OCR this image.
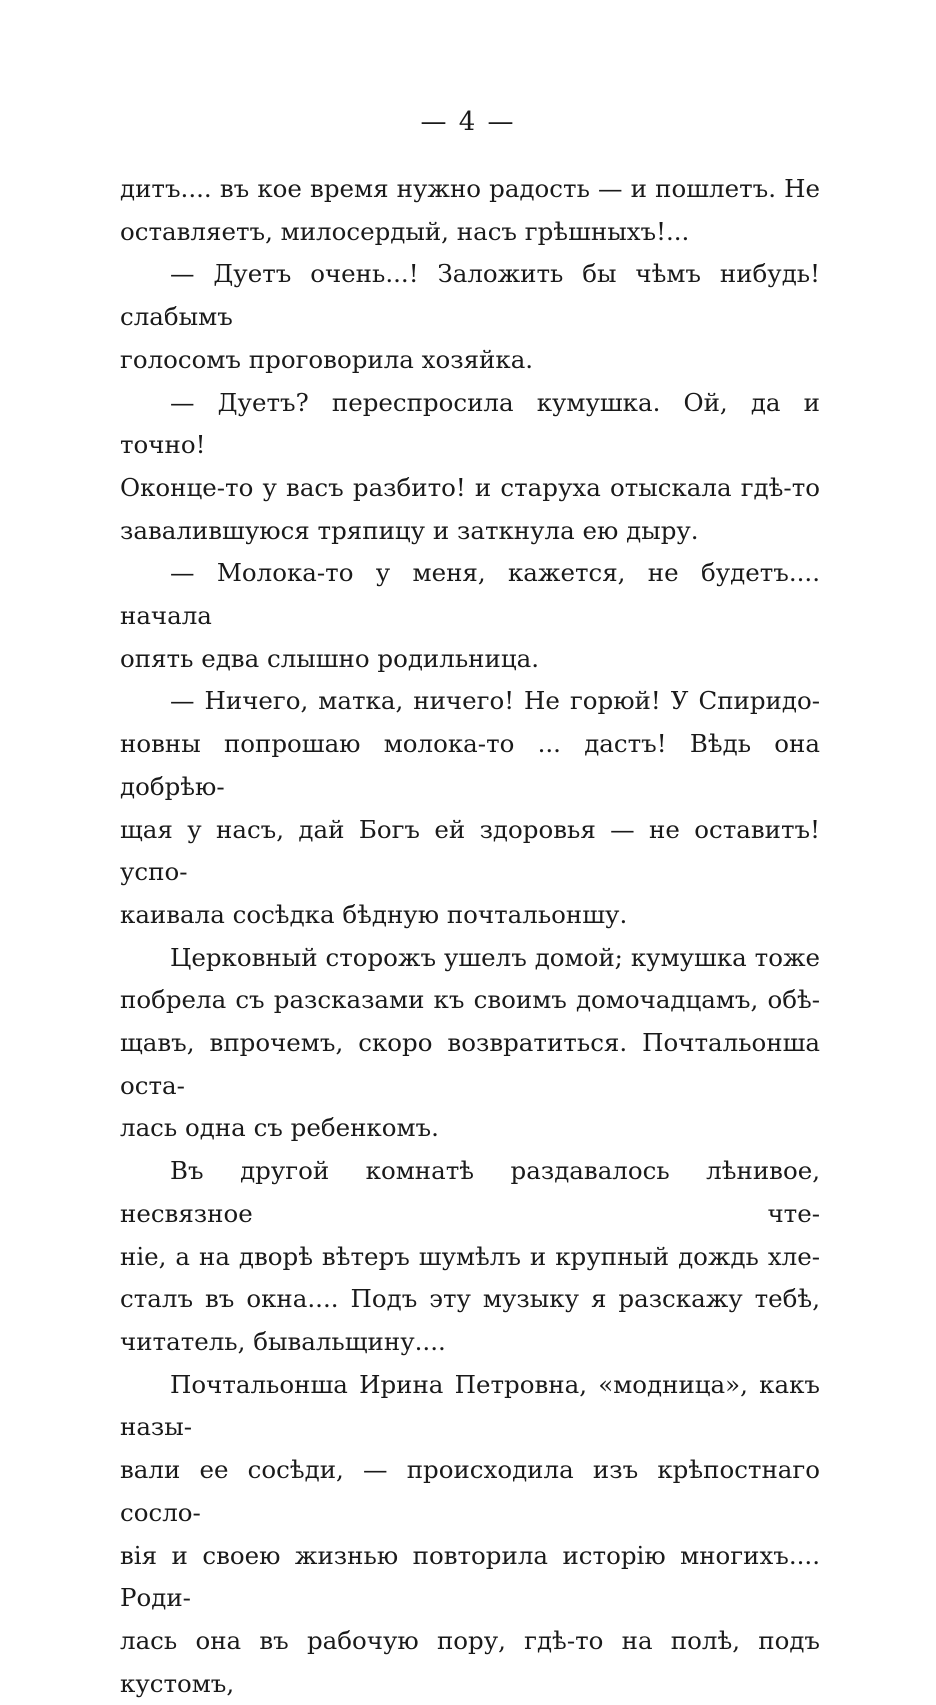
— 4 —

дитъ.... въ кое время нужно радость — и пошлетъ. Не
оставляетъ, милосердый, насъ грѣшныхъ!...

— Дуетъ очень...! Заложить бы чѣмъ нибудь! слабымъ
голосомъ проговорила хозяйка.

— Дуетъ? переспросила кумушка. Ой, да и точно!
Оконце-то у васъ разбито! и старуха отыскала гдѣ-то
завалившуюся тряпицу и заткнула ею дыру.

— Молока-то у меня, кажется, не будетъ.... начала
опять едва слышно родильница.

— Ничего, матка, ничего! Не горюй! У Спиридо-
новны попрошаю молока-то ... дастъ! Вѣдь она добрѣю-
щая у насъ, дай Богъ ей здоровья — не оставитъ! успо-
каивала сосѣдка бѣдную почтальоншу.

Церковный сторожъ ушелъ домой; кумушка тоже
побрела съ разсказами къ своимъ домочадцамъ, обѣ-
щавъ, впрочемъ, скоро возвратиться. Почтальонша оста-
лась одна съ ребенкомъ.

Въ другой комнатѣ раздавалось лѣнивое, несвязное чте-
ніе, а на дворѣ вѣтеръ шумѣлъ и крупный дождь хле-
сталъ въ окна.... Подъ эту музыку я разскажу тебѣ,
читатель, бывальщину....

Почтальонша Ирина Петровна, «модница», какъ назы-
вали ее сосѣди, — происходила изъ крѣпостнаго сосло-
вія и своею жизнью повторила исторію многихъ.... Роди-
лась она въ рабочую пору, гдѣ-то на полѣ, подъ кустомъ,
